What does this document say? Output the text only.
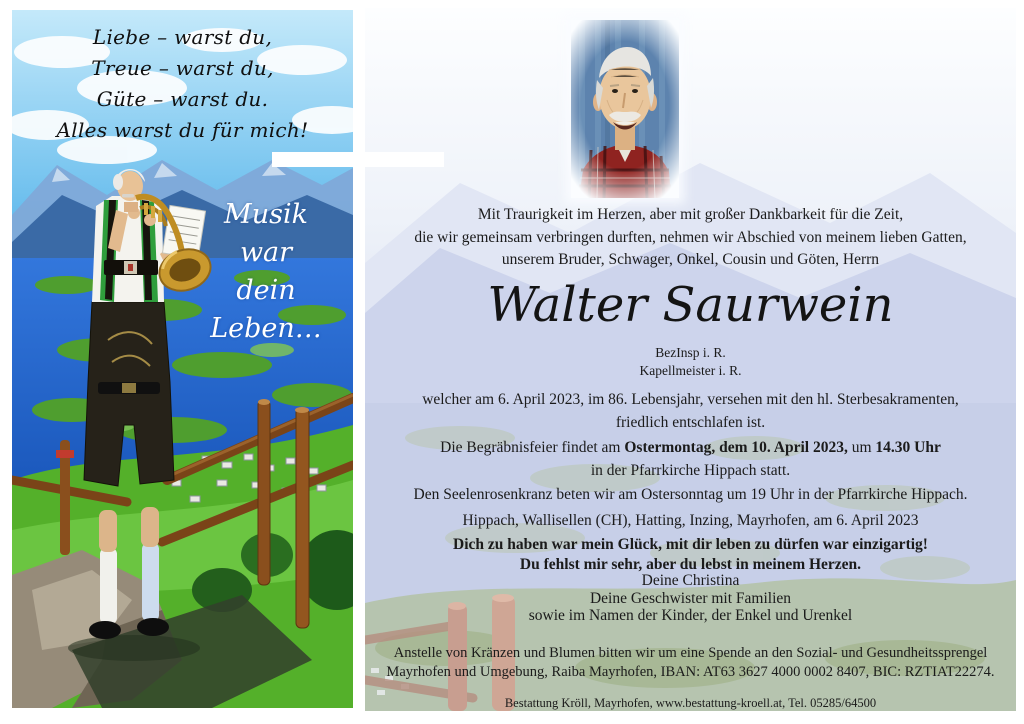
Liebe – warst du,
Treue – warst du,
Güte – warst du.
Alles warst du für mich!
Musik
war
dein
Leben…
Mit Traurigkeit im Herzen, aber mit großer Dankbarkeit für die Zeit,
die wir gemeinsam verbringen durften, nehmen wir Abschied von meinem lieben Gatten,
unserem Bruder, Schwager, Onkel, Cousin und Göten, Herrn
Walter Saurwein
BezInsp i. R.
Kapellmeister i. R.
welcher am 6. April 2023, im 86. Lebensjahr, versehen mit den hl. Sterbesakramenten,
friedlich entschlafen ist.
Die Begräbnisfeier findet am Ostermontag, dem 10. April 2023, um 14.30 Uhr
in der Pfarrkirche Hippach statt.
Den Seelenrosenkranz beten wir am Ostersonntag um 19 Uhr in der Pfarrkirche Hippach.
Hippach, Wallisellen (CH), Hatting, Inzing, Mayrhofen, am 6. April 2023
Dich zu haben war mein Glück, mit dir leben zu dürfen war einzigartig!
Du fehlst mir sehr, aber du lebst in meinem Herzen.
Deine Christina
Deine Geschwister mit Familien
sowie im Namen der Kinder, der Enkel und Urenkel
Anstelle von Kränzen und Blumen bitten wir um eine Spende an den Sozial- und Gesundheitssprengel
Mayrhofen und Umgebung, Raiba Mayrhofen, IBAN: AT63 3627 4000 0002 8407, BIC: RZTIAT22274.
Bestattung Kröll, Mayrhofen, www.bestattung-kroell.at, Tel. 05285/64500
